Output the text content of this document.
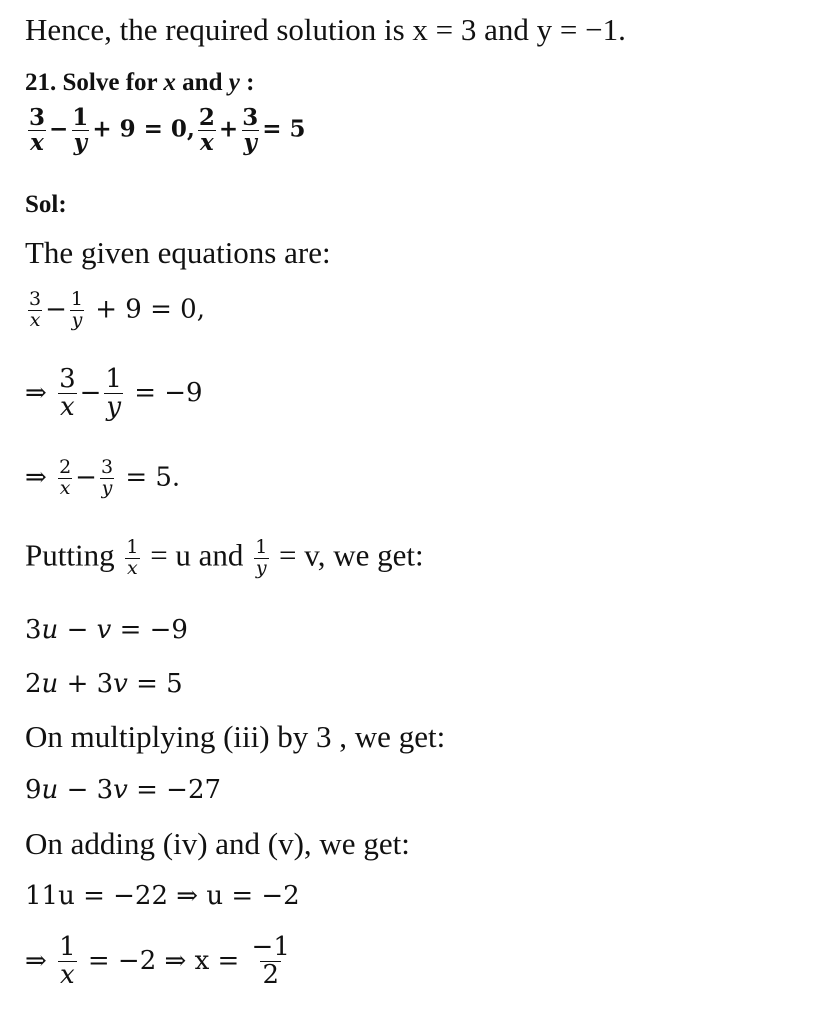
Hence, the required solution is x = 3 and y = −1.
21. Solve for x and y :
$\frac{3}{x} - \frac{1}{y} + 9 = 0$, $\frac{2}{x} + \frac{3}{y} = 5$
Sol:
The given equations are:
$\frac{3}{x} - \frac{1}{y} + 9 = 0$,
⇒ $\frac{3}{x} - \frac{1}{y} = -9$
⇒ $\frac{2}{x} - \frac{3}{y} = 5$.
Putting $\frac{1}{x} = u$ and $\frac{1}{y} = v$, we get:
3u − v = −9
2u + 3v = 5
On multiplying (iii) by 3 , we get:
9u − 3v = −27
On adding (iv) and (v), we get:
11u = −22 ⇒ u = −2
⇒ $\frac{1}{x} = -2$ ⇒ $x = \frac{-1}{2}$
